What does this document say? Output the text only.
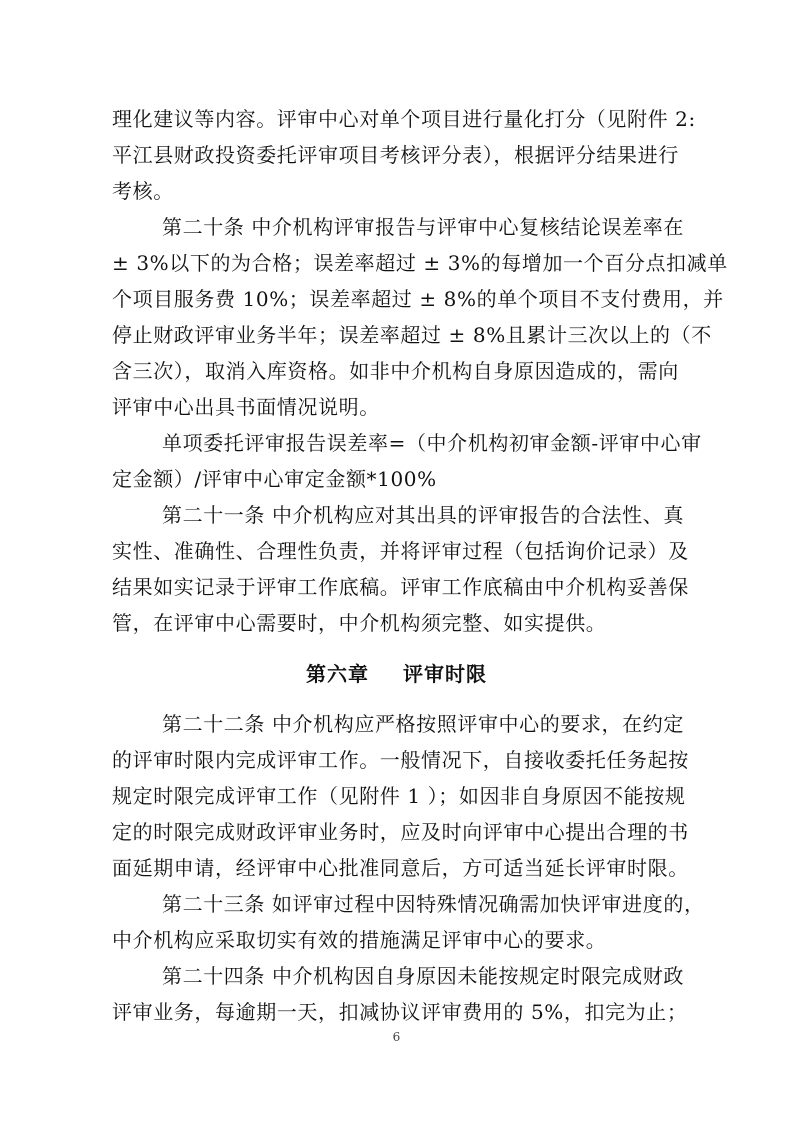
理化建议等内容。评审中心对单个项目进行量化打分（见附件 2:
平江县财政投资委托评审项目考核评分表），根据评分结果进行
考核。
第二十条 中介机构评审报告与评审中心复核结论误差率在
± 3%以下的为合格；误差率超过 ± 3%的每增加一个百分点扣减单
个项目服务费 10%；误差率超过 ± 8%的单个项目不支付费用，并
停止财政评审业务半年；误差率超过 ± 8%且累计三次以上的（不
含三次），取消入库资格。如非中介机构自身原因造成的，需向
评审中心出具书面情况说明。
单项委托评审报告误差率=（中介机构初审金额-评审中心审
定金额）/评审中心审定金额*100%
第二十一条 中介机构应对其出具的评审报告的合法性、真
实性、准确性、合理性负责，并将评审过程（包括询价记录）及
结果如实记录于评审工作底稿。评审工作底稿由中介机构妥善保
管，在评审中心需要时，中介机构须完整、如实提供。
第六章 评审时限
第二十二条 中介机构应严格按照评审中心的要求，在约定
的评审时限内完成评审工作。一般情况下，自接收委托任务起按
规定时限完成评审工作（见附件 1 ）；如因非自身原因不能按规
定的时限完成财政评审业务时，应及时向评审中心提出合理的书
面延期申请，经评审中心批准同意后，方可适当延长评审时限。
第二十三条 如评审过程中因特殊情况确需加快评审进度的，
中介机构应采取切实有效的措施满足评审中心的要求。
第二十四条 中介机构因自身原因未能按规定时限完成财政
评审业务，每逾期一天，扣减协议评审费用的 5%，扣完为止；
6
